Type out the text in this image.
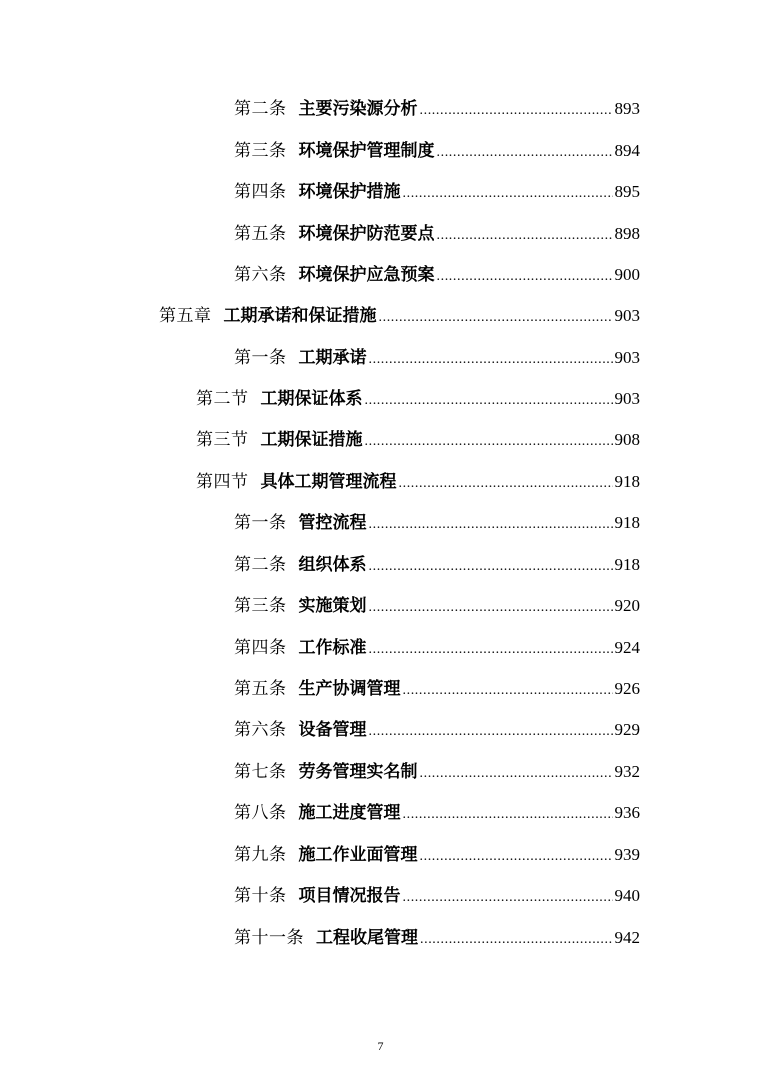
第二条 主要污染源分析 .....	893
第三条 环境保护管理制度 .....	894
第四条 环境保护措施 .....	895
第五条 环境保护防范要点 .....	898
第六条 环境保护应急预案 .....	900
第五章 工期承诺和保证措施 .....	903
第一条 工期承诺 .....	903
第二节 工期保证体系 .....	903
第三节 工期保证措施 .....	908
第四节 具体工期管理流程 .....	918
第一条 管控流程 .....	918
第二条 组织体系 .....	918
第三条 实施策划 .....	920
第四条 工作标准 .....	924
第五条 生产协调管理 .....	926
第六条 设备管理 .....	929
第七条 劳务管理实名制 .....	932
第八条 施工进度管理 .....	936
第九条 施工作业面管理 .....	939
第十条 项目情况报告 .....	940
第十一条 工程收尾管理 .....	942
7
